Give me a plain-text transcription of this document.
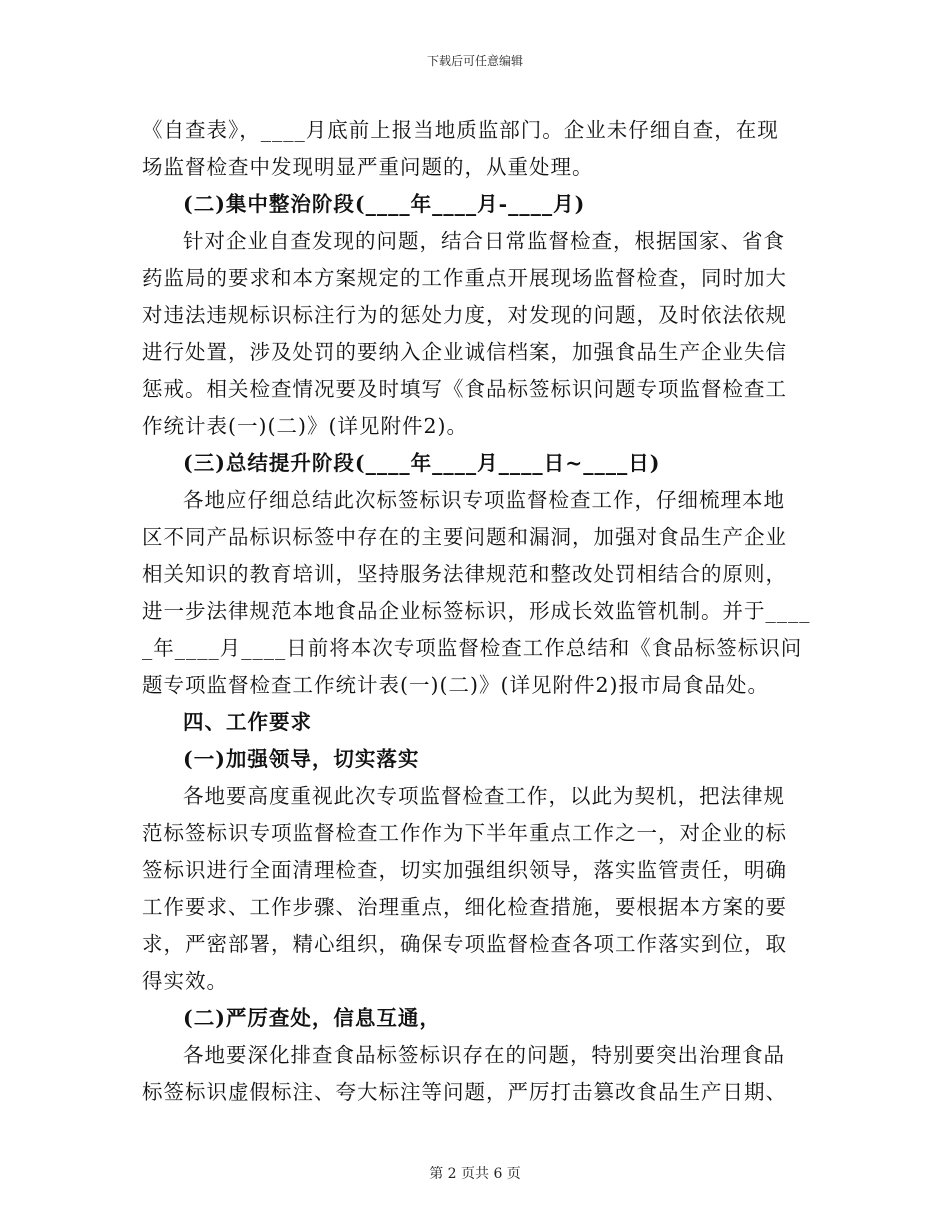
下载后可任意编辑
《自查表》，____月底前上报当地质监部门。企业未仔细自查，在现
场监督检查中发现明显严重问题的，从重处理。
(二)集中整治阶段(____年____月-____月)
针对企业自查发现的问题，结合日常监督检查，根据国家、省食
药监局的要求和本方案规定的工作重点开展现场监督检查，同时加大
对违法违规标识标注行为的惩处力度，对发现的问题，及时依法依规
进行处置，涉及处罚的要纳入企业诚信档案，加强食品生产企业失信
惩戒。相关检查情况要及时填写《食品标签标识问题专项监督检查工
作统计表(一)(二)》(详见附件2)。
(三)总结提升阶段(____年____月____日~____日)
各地应仔细总结此次标签标识专项监督检查工作，仔细梳理本地
区不同产品标识标签中存在的主要问题和漏洞，加强对食品生产企业
相关知识的教育培训，坚持服务法律规范和整改处罚相结合的原则，
进一步法律规范本地食品企业标签标识，形成长效监管机制。并于____
_年____月____日前将本次专项监督检查工作总结和《食品标签标识问
题专项监督检查工作统计表(一)(二)》(详见附件2)报市局食品处。
四、工作要求
(一)加强领导，切实落实
各地要高度重视此次专项监督检查工作，以此为契机，把法律规
范标签标识专项监督检查工作作为下半年重点工作之一，对企业的标
签标识进行全面清理检查，切实加强组织领导，落实监管责任，明确
工作要求、工作步骤、治理重点，细化检查措施，要根据本方案的要
求，严密部署，精心组织，确保专项监督检查各项工作落实到位，取
得实效。
(二)严厉查处，信息互通，
各地要深化排查食品标签标识存在的问题，特别要突出治理食品
标签标识虚假标注、夸大标注等问题，严厉打击篡改食品生产日期、
第 2 页共 6 页
